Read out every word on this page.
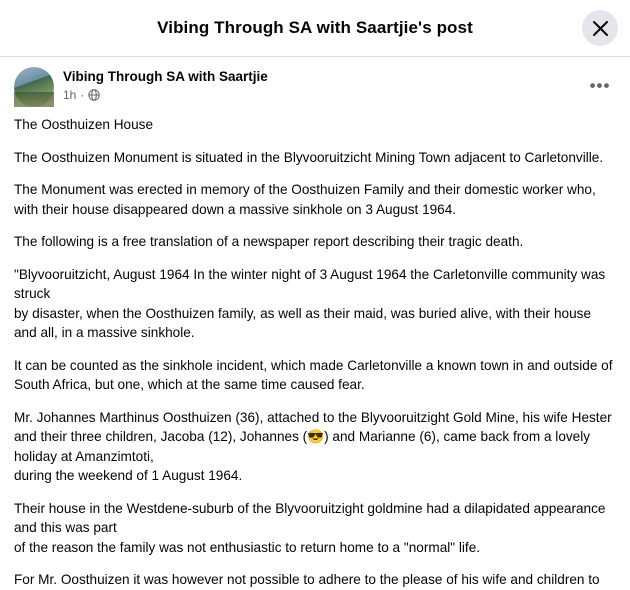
Vibing Through SA with Saartjie's post
Vibing Through SA with Saartjie
1h ·
•••

The Oosthuizen House

The Oosthuizen Monument is situated in the Blyvooruitzicht Mining Town adjacent to Carletonville.

The Monument was erected in memory of the Oosthuizen Family and their domestic worker who, with their house disappeared down a massive sinkhole on 3 August 1964.

The following is a free translation of a newspaper report describing their tragic death.

"Blyvooruitzicht, August 1964 In the winter night of 3 August 1964 the Carletonville community was struck
by disaster, when the Oosthuizen family, as well as their maid, was buried alive, with their house and all, in a massive sinkhole.

It can be counted as the sinkhole incident, which made Carletonville a known town in and outside of South Africa, but one, which at the same time caused fear.

Mr. Johannes Marthinus Oosthuizen (36), attached to the Blyvooruitzight Gold Mine, his wife Hester and their three children, Jacoba (12), Johannes (😎) and Marianne (6), came back from a lovely holiday at Amanzimtoti,
during the weekend of 1 August 1964.

Their house in the Westdene-suburb of the Blyvooruitzight goldmine had a dilapidated appearance and this was part
of the reason the family was not enthusiastic to return home to a "normal" life.

For Mr. Oosthuizen it was however not possible to adhere to the please of his wife and children to
